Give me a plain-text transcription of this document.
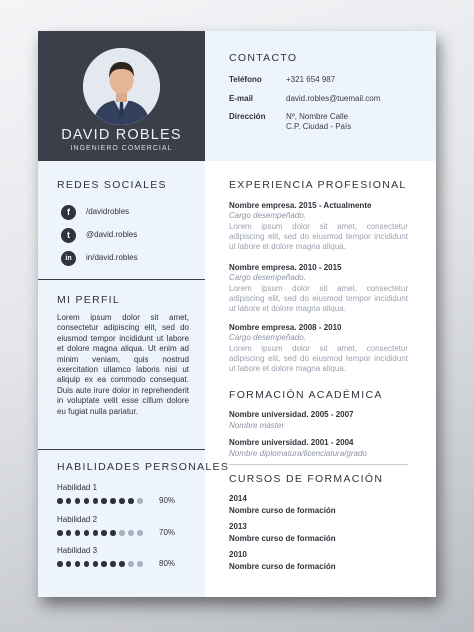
DAVID ROBLES
INGENIERO COMERCIAL
CONTACTO
Teléfono	+321 654 987
E-mail	david.robles@tuemail.com
Dirección	Nº, Nombre Calle
C.P. Ciudad - País
REDES SOCIALES
f	/davidrobles
t	@david.robles
in	in/david.robles
MI PERFIL
Lorem ipsum dolor sit amet, consectetur adipiscing elit, sed do eiusmod tempor incididunt ut labore et dolore magna aliqua. Ut enim ad minim veniam, quis nostrud exercitation ullamco laboris nisi ut aliquip ex ea commodo consequat. Duis aute irure dolor in reprehenderit in voluptate velit esse cillum dolore eu fugiat nulla pariatur.
HABILIDADES PERSONALES
Habilidad 1
90%
Habilidad 2
70%
Habilidad 3
80%
EXPERIENCIA PROFESIONAL
Nombre empresa. 2015 - Actualmente
Cargo desempeñado.
Lorem ipsum dolor sit amet, consectetur adipiscing elit, sed do eiusmod tempor incididunt ut labore et dolore magna aliqua.
Nombre empresa. 2010 - 2015
Cargo desempeñado.
Lorem ipsum dolor sit amet, consectetur adipiscing elit, sed do eiusmod tempor incididunt ut labore et dolore magna aliqua.
Nombre empresa. 2008 - 2010
Cargo desempeñado.
Lorem ipsum dolor sit amet, consectetur adipiscing elit, sed do eiusmod tempor incididunt ut labore et dolore magna aliqua.
FORMACIÓN ACADÉMICA
Nombre universidad. 2005 - 2007
Nombre máster
Nombre universidad. 2001 - 2004
Nombre diplomatura/licenciatura/grado
CURSOS DE FORMACIÓN
2014
Nombre curso de formación
2013
Nombre curso de formación
2010
Nombre curso de formación
